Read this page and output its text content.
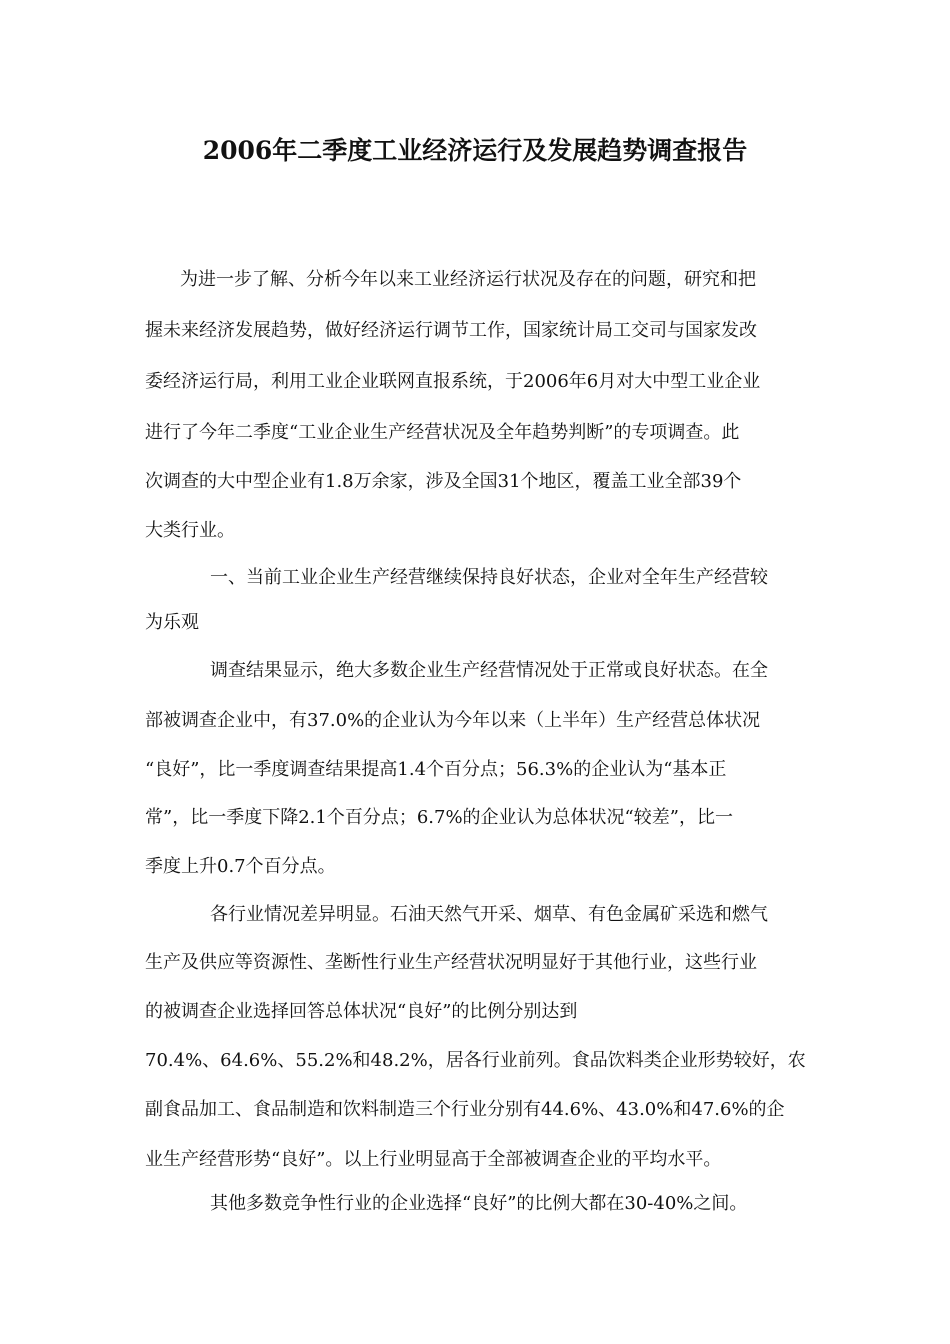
2006年二季度工业经济运行及发展趋势调查报告

为进一步了解、分析今年以来工业经济运行状况及存在的问题，研究和把

握未来经济发展趋势，做好经济运行调节工作，国家统计局工交司与国家发改

委经济运行局，利用工业企业联网直报系统，于2006年6月对大中型工业企业

进行了今年二季度“工业企业生产经营状况及全年趋势判断”的专项调查。此

次调查的大中型企业有1.8万余家，涉及全国31个地区，覆盖工业全部39个

大类行业。

一、当前工业企业生产经营继续保持良好状态，企业对全年生产经营较

为乐观

调查结果显示，绝大多数企业生产经营情况处于正常或良好状态。在全

部被调查企业中，有37.0%的企业认为今年以来（上半年）生产经营总体状况

“良好”，比一季度调查结果提高1.4个百分点；56.3%的企业认为“基本正

常”，比一季度下降2.1个百分点；6.7%的企业认为总体状况“较差”，比一

季度上升0.7个百分点。

各行业情况差异明显。石油天然气开采、烟草、有色金属矿采选和燃气

生产及供应等资源性、垄断性行业生产经营状况明显好于其他行业，这些行业

的被调查企业选择回答总体状况“良好”的比例分别达到

70.4%、64.6%、55.2%和48.2%，居各行业前列。食品饮料类企业形势较好，农

副食品加工、食品制造和饮料制造三个行业分别有44.6%、43.0%和47.6%的企

业生产经营形势“良好”。以上行业明显高于全部被调查企业的平均水平。

其他多数竞争性行业的企业选择“良好”的比例大都在30-40%之间。
